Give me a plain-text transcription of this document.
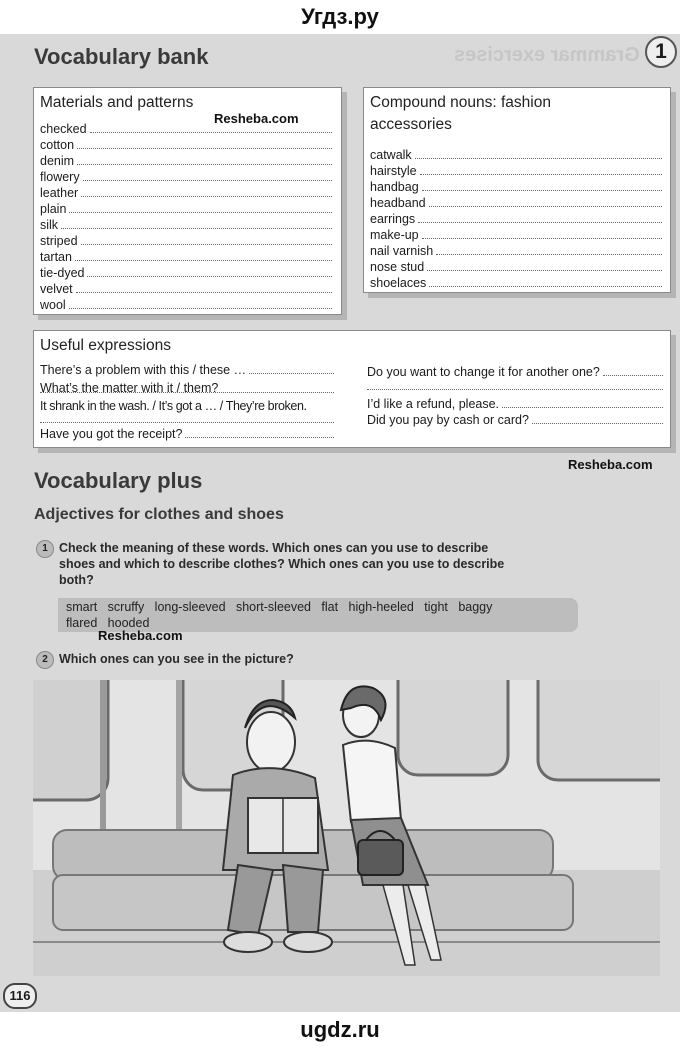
Угдз.ру
Grammar exercises 1
Vocabulary bank
Materials and patterns
Resheba.com
checked
cotton
denim
flowery
leather
plain
silk
striped
tartan
tie-dyed
velvet
wool
Compound nouns: fashion
accessories
catwalk
hairstyle
handbag
headband
earrings
make-up
nail varnish
nose stud
shoelaces
Useful expressions
There’s a problem with this / these …
What’s the matter with it / them?
It shrank in the wash. / It’s got a … / They’re broken.
Have you got the receipt?
Do you want to change it for another one?
I’d like a refund, please.
Did you pay by cash or card?
Resheba.com
Vocabulary plus
Adjectives for clothes and shoes
1 Check the meaning of these words. Which ones can you use to describe
shoes and which to describe clothes? Which ones can you use to describe
both?
smart   scruffy   long-sleeved   short-sleeved   flat   high-heeled   tight   baggy
flared   hooded
Resheba.com
2 Which ones can you see in the picture?
116
ugdz.ru
